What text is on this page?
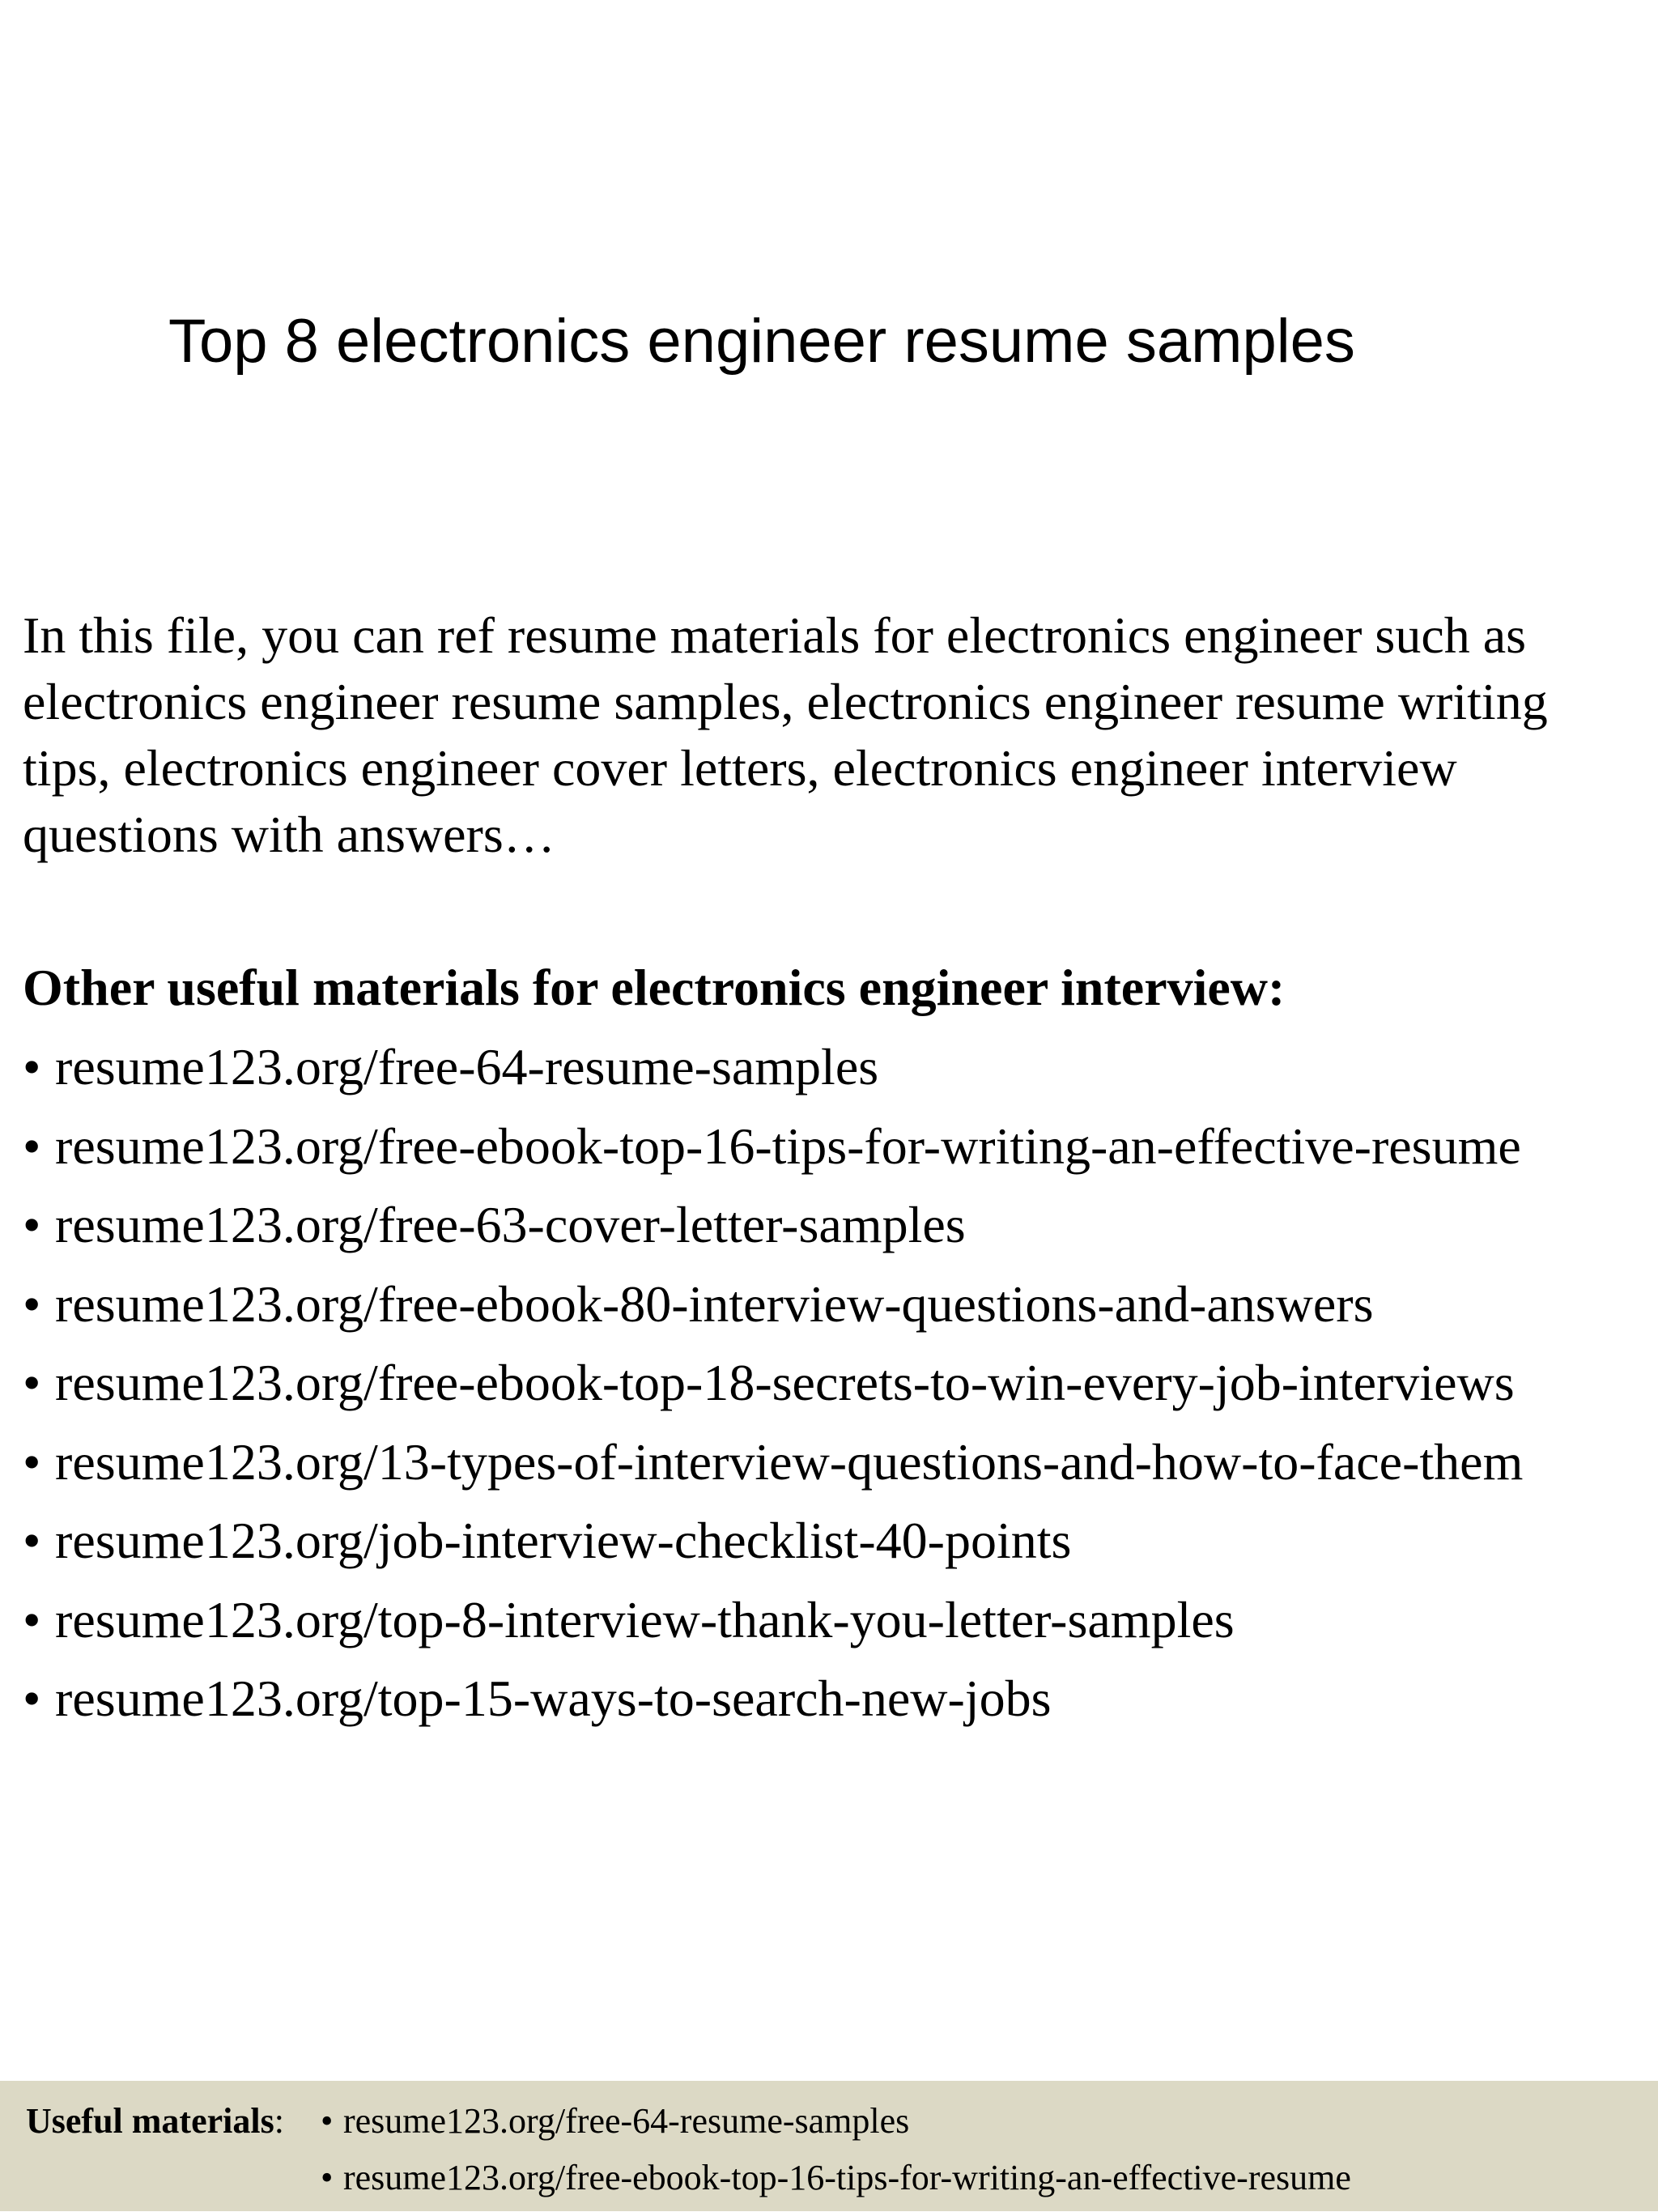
Top 8 electronics engineer resume samples

In this file, you can ref resume materials for electronics engineer such as electronics engineer resume samples, electronics engineer resume writing tips, electronics engineer cover letters, electronics engineer interview questions with answers…

Other useful materials for electronics engineer interview:
• resume123.org/free-64-resume-samples
• resume123.org/free-ebook-top-16-tips-for-writing-an-effective-resume
• resume123.org/free-63-cover-letter-samples
• resume123.org/free-ebook-80-interview-questions-and-answers
• resume123.org/free-ebook-top-18-secrets-to-win-every-job-interviews
• resume123.org/13-types-of-interview-questions-and-how-to-face-them
• resume123.org/job-interview-checklist-40-points
• resume123.org/top-8-interview-thank-you-letter-samples
• resume123.org/top-15-ways-to-search-new-jobs
Useful materials: • resume123.org/free-64-resume-samples
• resume123.org/free-ebook-top-16-tips-for-writing-an-effective-resume
